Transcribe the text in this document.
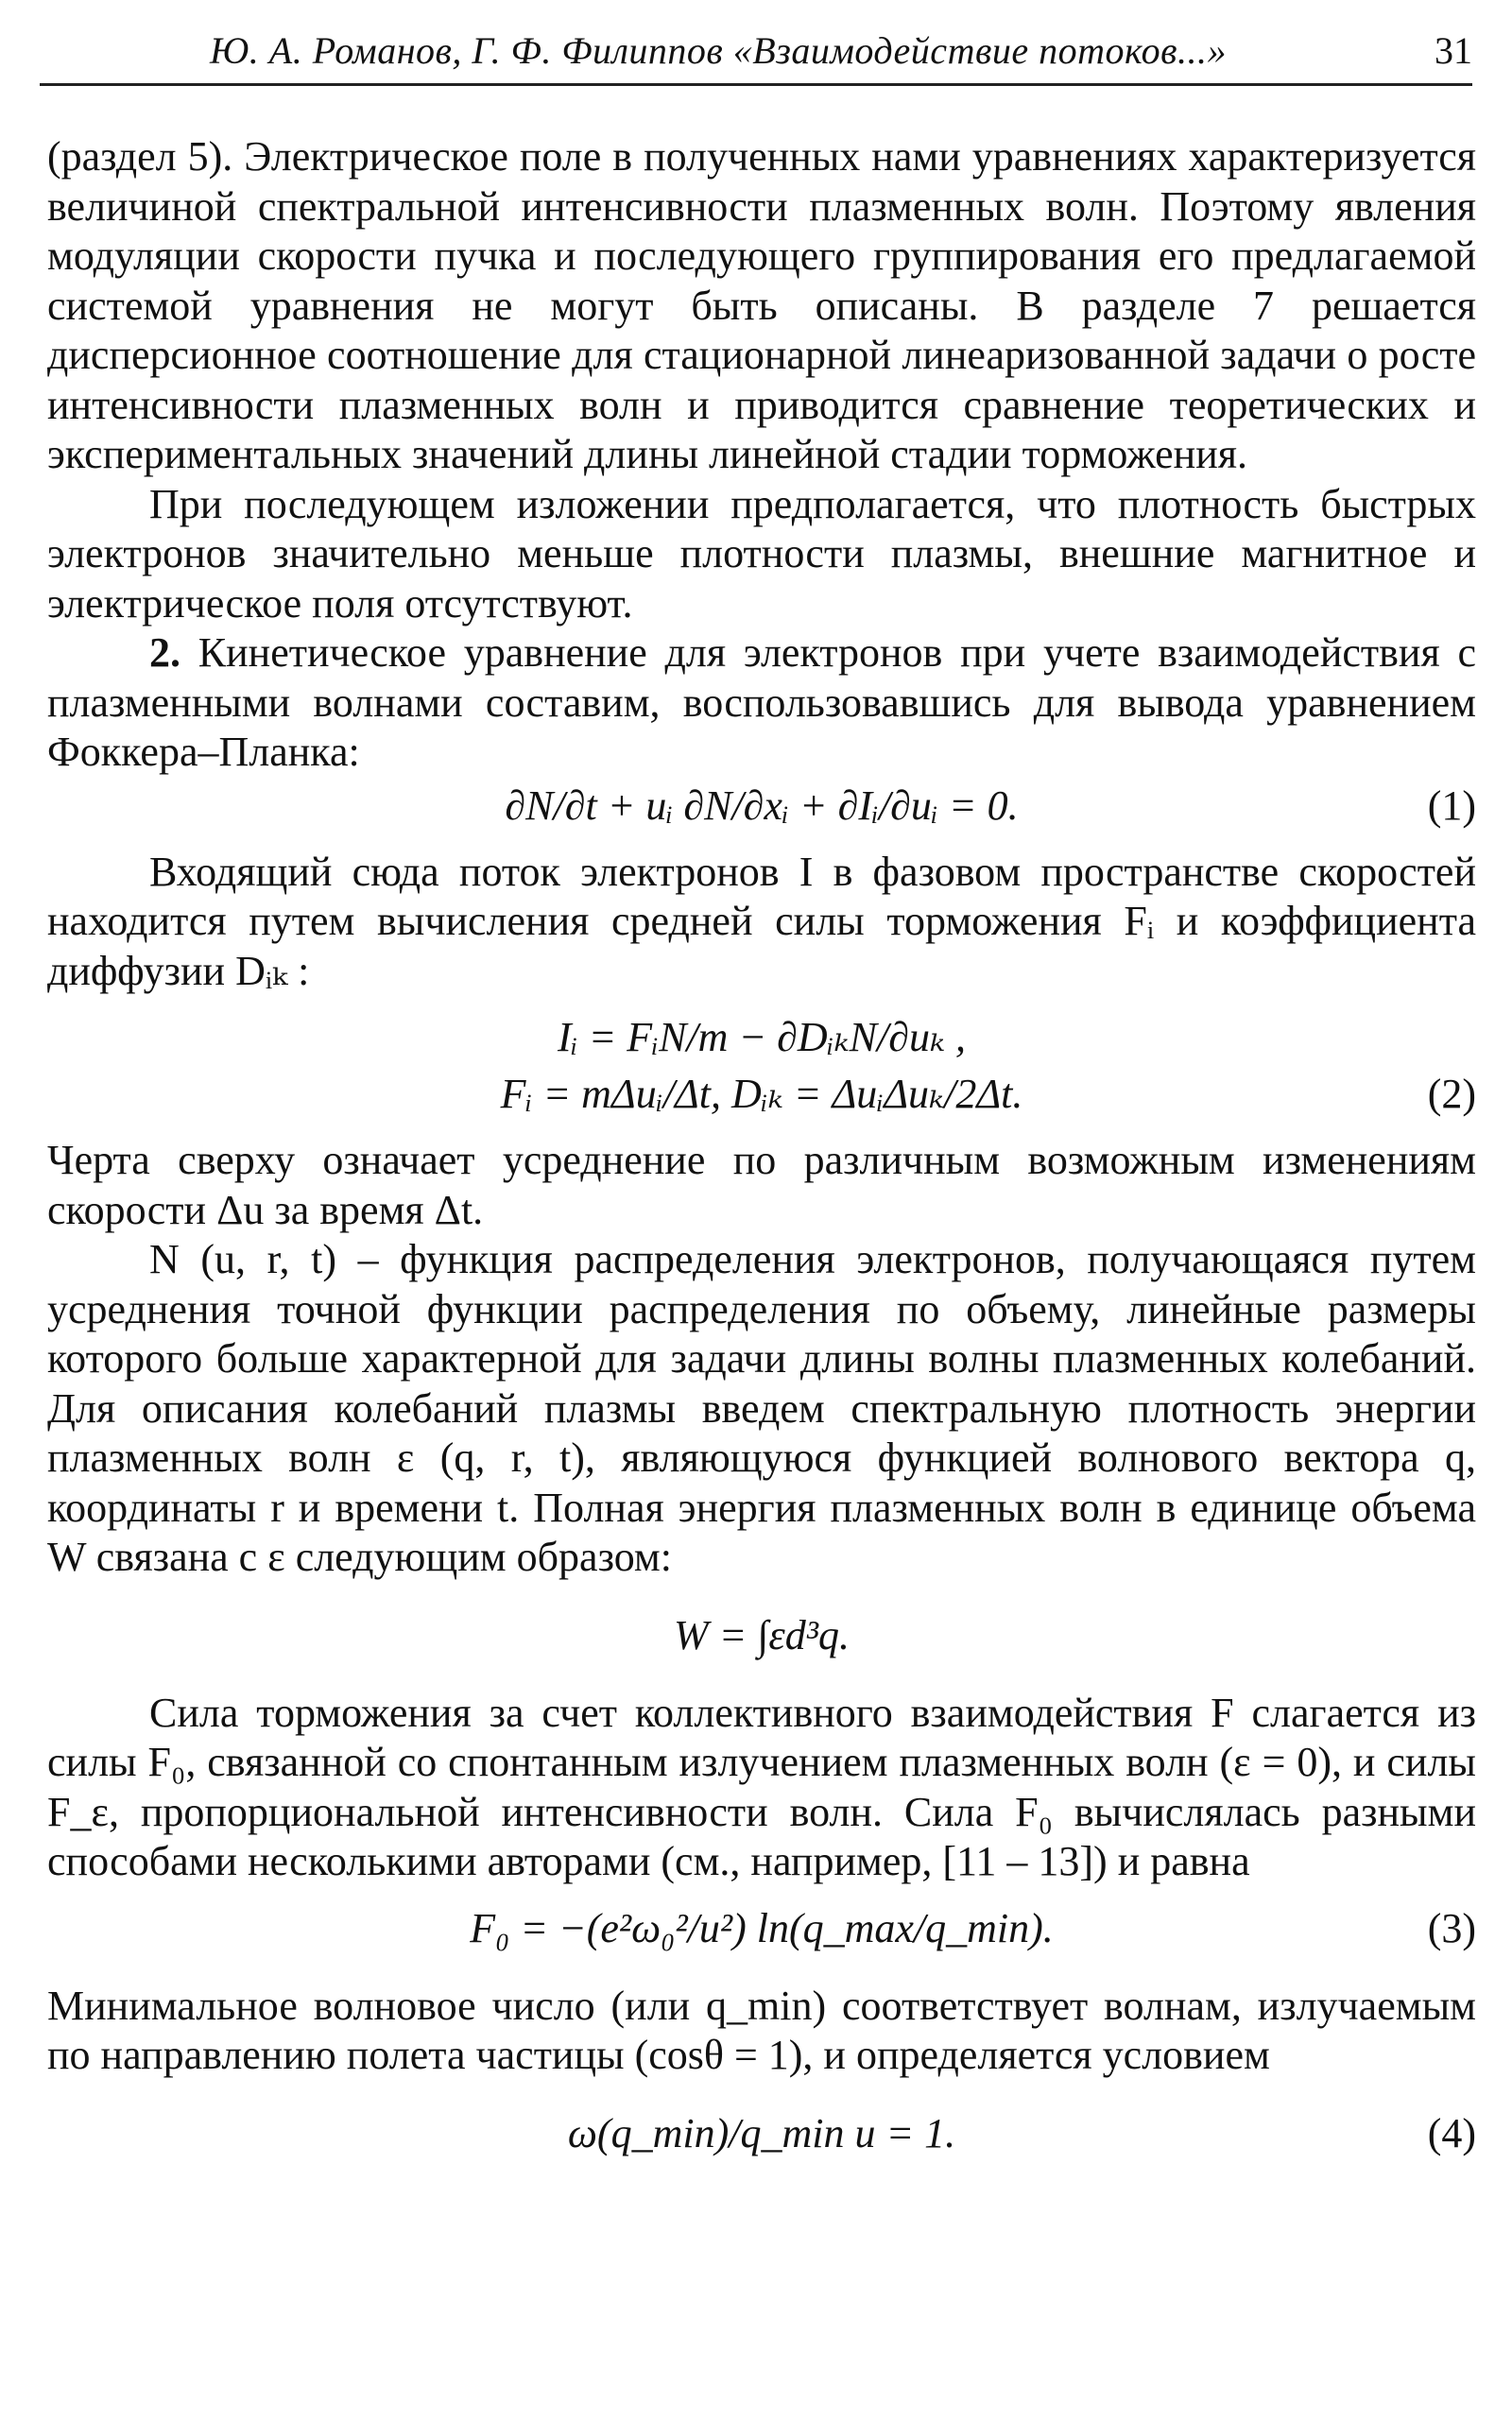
Ю. А. Романов, Г. Ф. Филиппов «Взаимодействие потоков...»	31

(раздел 5). Электрическое поле в полученных нами уравнениях характеризуется величиной спектральной интенсивности плазменных волн. Поэтому явления модуляции скорости пучка и последующего группирования его предлагаемой системой уравнения не могут быть описаны. В разделе 7 решается дисперсионное соотношение для стационарной линеаризованной задачи о росте интенсивности плазменных волн и приводится сравнение теоретических и экспериментальных значений длины линейной стадии торможения.

При последующем изложении предполагается, что плотность быстрых электронов значительно меньше плотности плазмы, внешние магнитное и электрическое поля отсутствуют.

2. Кинетическое уравнение для электронов при учете взаимодействия с плазменными волнами составим, воспользовавшись для вывода уравнением Фоккера–Планка:

∂N/∂t + uᵢ ∂N/∂xᵢ + ∂Iᵢ/∂uᵢ = 0.	(1)

Входящий сюда поток электронов I в фазовом пространстве скоростей находится путем вычисления средней силы торможения Fᵢ и коэффициента диффузии Dᵢₖ :

Iᵢ = FᵢN/m − ∂DᵢₖN/∂uₖ ,
Fᵢ = mΔuᵢ/Δt, Dᵢₖ = ΔuᵢΔuₖ/2Δt.	(2)

Черта сверху означает усреднение по различным возможным изменениям скорости Δu за время Δt.

N (u, r, t) – функция распределения электронов, получающаяся путем усреднения точной функции распределения по объему, линейные размеры которого больше характерной для задачи длины волны плазменных колебаний. Для описания колебаний плазмы введем спектральную плотность энергии плазменных волн ε (q, r, t), являющуюся функцией волнового вектора q, координаты r и времени t. Полная энергия плазменных волн в единице объема W связана с ε следующим образом:

W = ∫εd³q.

Сила торможения за счет коллективного взаимодействия F слагается из силы F₀, связанной со спонтанным излучением плазменных волн (ε = 0), и силы F_ε, пропорциональной интенсивности волн. Сила F₀ вычислялась разными способами несколькими авторами (см., например, [11 – 13]) и равна

F₀ = −(e²ω₀²/u²) ln(q_max/q_min).	(3)

Минимальное волновое число (или q_min) соответствует волнам, излучаемым по направлению полета частицы (cosθ = 1), и определяется условием

ω(q_min)/q_min u = 1.	(4)
